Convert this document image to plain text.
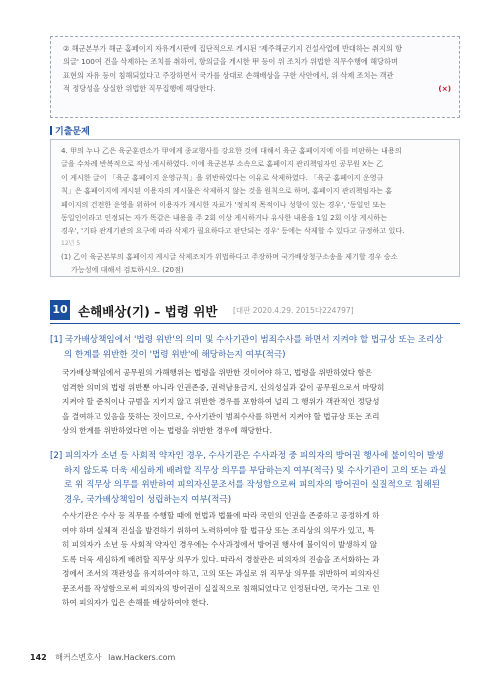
② 해군본부가 해군 홈페이지 자유게시판에 집단적으로 게시된 '제주해군기지 건설사업에 반대하는 취지의 항

의글' 100여 건을 삭제하는 조치를 취하여, 항의글을 게시한 甲 등이 위 조치가 위법한 직무수행에 해당하며

표현의 자유 등이 침해되었다고 주장하면서 국가를 상대로 손해배상을 구한 사안에서, 위 삭제 조치는 객관

적 정당성을 상실한 위법한 직무집행에 해당한다.	(×)

기출문제

4. 甲의 누나 乙은 육군훈련소가 甲에게 종교행사를 강요한 것에 대해서 육군 홈페이지에 이를 비판하는 내용의

글을 수차례 반복적으로 작성·게시하였다. 이에 육군본부 소속으로 홈페이지 관리책임자인 공무원 X는 乙

이 게시한 글이 「육군 홈페이지 운영규칙」을 위반하였다는 이유로 삭제하였다. 「육군 홈페이지 운영규

칙」은 홈페이지에 게시된 이용자의 게시물은 삭제하지 않는 것을 원칙으로 하며, 홈페이지 관리책임자는 홈

페이지의 건전한 운영을 위하여 이용자가 게시한 자료가 '정치적 목적이나 성향이 있는 경우', '동일인 또는

동일인이라고 인정되는 자가 똑같은 내용을 주 2회 이상 게시하거나 유사한 내용을 1일 2회 이상 게시하는

경우', '기타 관계기관의 요구에 따라 삭제가 필요하다고 판단되는 경우' 등에는 삭제할 수 있다고 규정하고 있다.

12년 5

(1) 乙이 육군본부의 홈페이지 게시글 삭제조치가 위법하다고 주장하며 국가배상청구소송을 제기할 경우 승소

가능성에 대해서 검토하시오. (20점)

10 손해배상(기) – 법령 위반 [대판 2020.4.29. 2015다224797]

[1] 국가배상책임에서 '법령 위반'의 의미 및 수사기관이 범죄수사를 하면서 지켜야 할 법규상 또는 조리상

의 한계를 위반한 것이 '법령 위반'에 해당하는지 여부(적극)

국가배상책임에서 공무원의 가해행위는 법령을 위반한 것이어야 하고, 법령을 위반하였다 함은

엄격한 의미의 법령 위반뿐 아니라 인권존중, 권력남용금지, 신의성실과 같이 공무원으로서 마땅히

지켜야 할 준칙이나 규범을 지키지 않고 위반한 경우를 포함하여 널리 그 행위가 객관적인 정당성

을 결여하고 있음을 뜻하는 것이므로, 수사기관이 범죄수사를 하면서 지켜야 할 법규상 또는 조리

상의 한계를 위반하였다면 이는 법령을 위반한 경우에 해당한다.

[2] 피의자가 소년 등 사회적 약자인 경우, 수사기관은 수사과정 중 피의자의 방어권 행사에 불이익이 발생

하지 않도록 더욱 세심하게 배려할 직무상 의무를 부담하는지 여부(적극) 및 수사기관이 고의 또는 과실

로 위 직무상 의무를 위반하여 피의자신문조서를 작성함으로써 피의자의 방어권이 실질적으로 침해된

경우, 국가배상책임이 성립하는지 여부(적극)

수사기관은 수사 등 직무를 수행할 때에 헌법과 법률에 따라 국민의 인권을 존중하고 공정하게 하

여야 하며 실체적 진실을 발견하기 위하여 노력하여야 할 법규상 또는 조리상의 의무가 있고, 특

히 피의자가 소년 등 사회적 약자인 경우에는 수사과정에서 방어권 행사에 불이익이 발생하지 않

도록 더욱 세심하게 배려할 직무상 의무가 있다. 따라서 경찰관은 피의자의 진술을 조서화하는 과

정에서 조서의 객관성을 유지하여야 하고, 고의 또는 과실로 위 직무상 의무를 위반하여 피의자신

문조서를 작성함으로써 피의자의 방어권이 실질적으로 침해되었다고 인정된다면, 국가는 그로 인

하여 피의자가 입은 손해를 배상하여야 한다.

142 해커스변호사 law.Hackers.com
